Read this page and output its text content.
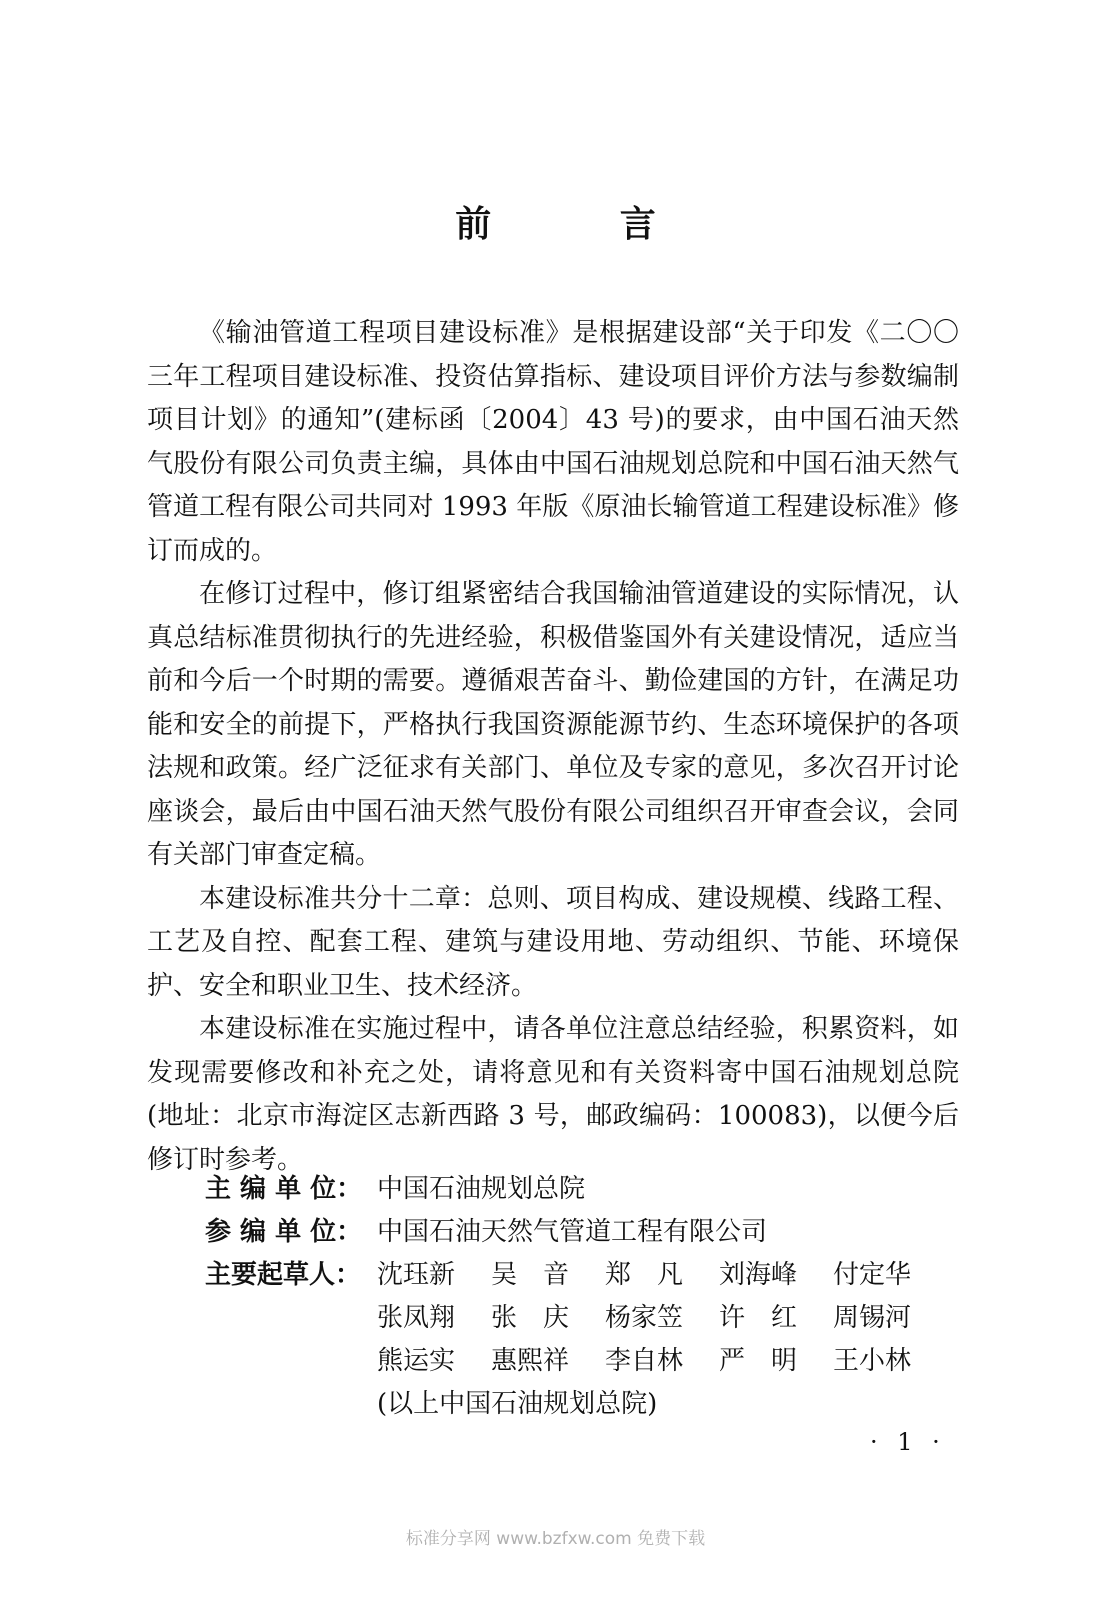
前 言

《输油管道工程项目建设标准》是根据建设部“关于印发《二〇〇三年工程项目建设标准、投资估算指标、建设项目评价方法与参数编制项目计划》的通知”(建标函〔2004〕43 号)的要求，由中国石油天然气股份有限公司负责主编，具体由中国石油规划总院和中国石油天然气管道工程有限公司共同对 1993 年版《原油长输管道工程建设标准》修订而成的。

在修订过程中，修订组紧密结合我国输油管道建设的实际情况，认真总结标准贯彻执行的先进经验，积极借鉴国外有关建设情况，适应当前和今后一个时期的需要。遵循艰苦奋斗、勤俭建国的方针，在满足功能和安全的前提下，严格执行我国资源能源节约、生态环境保护的各项法规和政策。经广泛征求有关部门、单位及专家的意见，多次召开讨论座谈会，最后由中国石油天然气股份有限公司组织召开审查会议，会同有关部门审查定稿。

本建设标准共分十二章：总则、项目构成、建设规模、线路工程、工艺及自控、配套工程、建筑与建设用地、劳动组织、节能、环境保护、安全和职业卫生、技术经济。

本建设标准在实施过程中，请各单位注意总结经验，积累资料，如发现需要修改和补充之处，请将意见和有关资料寄中国石油规划总院(地址：北京市海淀区志新西路 3 号，邮政编码：100083)，以便今后修订时参考。

主 编 单 位： 中国石油规划总院
参 编 单 位： 中国石油天然气管道工程有限公司
主要起草人： 沈珏新	吴　音	郑　凡	刘海峰	付定华
张凤翔	张　庆	杨家笠	许　红	周锡河
熊运实	惠熙祥	李自林	严　明	王小林
(以上中国石油规划总院)
· 1 ·
标准分享网 www.bzfxw.com 免费下载
